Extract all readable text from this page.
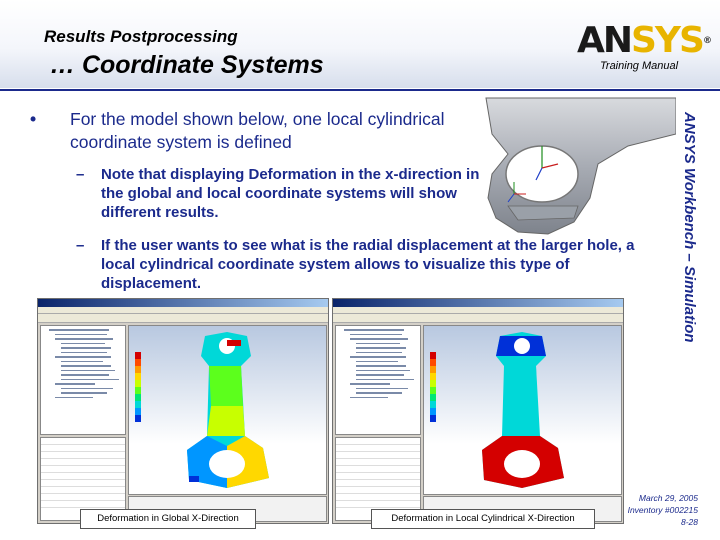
Results Postprocessing
… Coordinate Systems
ANSYS®
Training Manual
ANSYS Workbench – Simulation
• For the model shown below, one local cylindrical coordinate system is defined
– Note that displaying Deformation in the x-direction in the global and local coordinate systems will show different results.
– If the user wants to see what is the radial displacement at the larger hole, a local cylindrical coordinate system allows to visualize this type of displacement.
Deformation in Global X-Direction	Deformation in Local Cylindrical X-Direction
March 29, 2005
Inventory #002215
8-28
